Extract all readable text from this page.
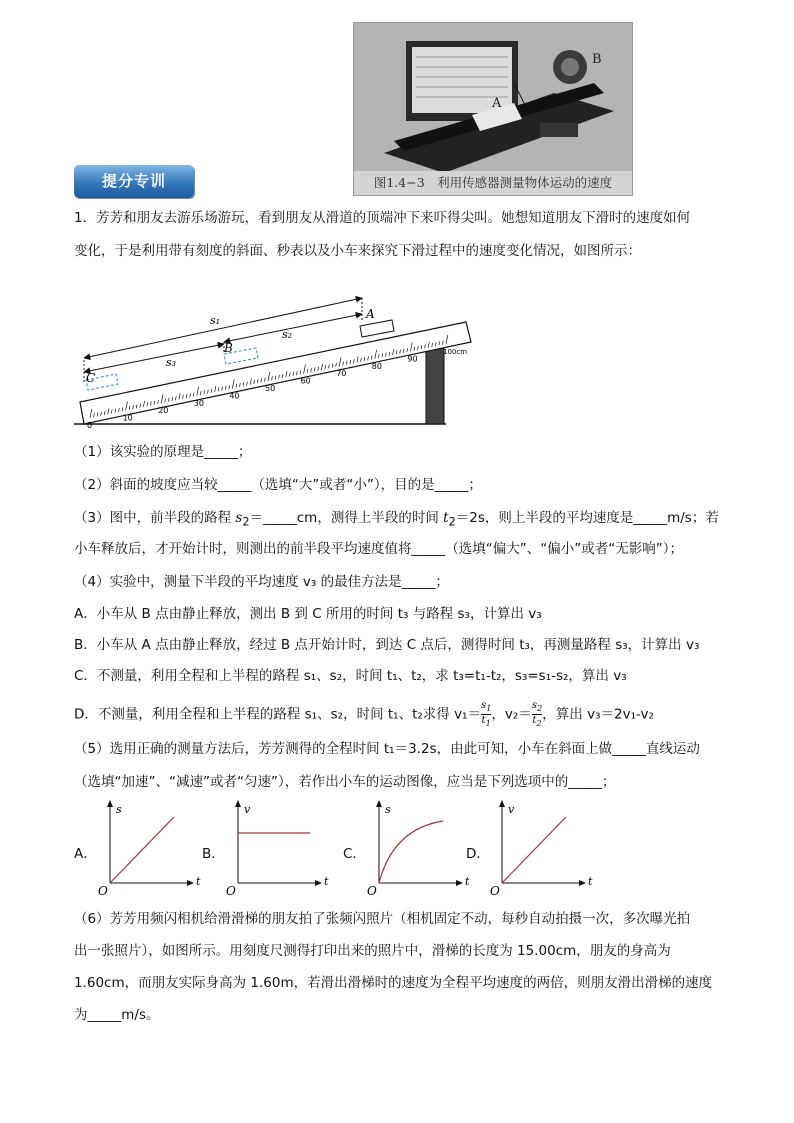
A
B
图1.4−3　利用传感器测量物体运动的速度
提分专训
1．芳芳和朋友去游乐场游玩，看到朋友从滑道的顶端冲下来吓得尖叫。她想知道朋友下滑时的速度如何
变化，于是利用带有刻度的斜面、秒表以及小车来探究下滑过程中的速度变化情况，如图所示：
0
10
20
30
40
50
60
70
80
90
100cm
s₁
s₂
s₃
A
B
C
（1）该实验的原理是_____；
（2）斜面的坡度应当较_____（选填“大”或者“小”），目的是_____；
（3）图中，前半段的路程 $s_2=\_\_\_\_\_cm$，测得上半段的时间 $t_2=2s$，则上半段的平均速度是_____m/s；若
小车释放后，才开始计时，则测出的前半段平均速度值将_____（选填“偏大”、“偏小”或者“无影响”）；
（4）实验中，测量下半段的平均速度 v₃ 的最佳方法是_____；
A．小车从 B 点由静止释放，测出 B 到 C 所用的时间 t₃ 与路程 s₃，计算出 v₃
B．小车从 A 点由静止释放，经过 B 点开始计时，到达 C 点后，测得时间 t₃，再测量路程 s₃，计算出 v₃
C．不测量，利用全程和上半程的路程 s₁、s₂，时间 t₁、t₂，求 t₃=t₁-t₂，s₃=s₁-s₂，算出 v₃
D．不测量，利用全程和上半程的路程 s₁、s₂，时间 t₁、t₂求得 $v_1= \frac{s_1}{t_1}$ ，$v_2= \frac{s_2}{t_2}$ ，算出 v₃＝2v₁-v₂
（5）选用正确的测量方法后，芳芳测得的全程时间 t₁＝3.2s，由此可知，小车在斜面上做_____直线运动
（选填“加速”、“减速”或者“匀速”），若作出小车的运动图像，应当是下列选项中的_____；
A．
s
t
O
B．
v
t
O
C．
s
t
O
D．
v
t
O
（6）芳芳用频闪相机给滑滑梯的朋友拍了张频闪照片（相机固定不动，每秒自动拍摄一次，多次曝光拍
出一张照片），如图所示。用刻度尺测得打印出来的照片中，滑梯的长度为 15.00cm，朋友的身高为
1.60cm，而朋友实际身高为 1.60m，若滑出滑梯时的速度为全程平均速度的两倍，则朋友滑出滑梯的速度
为_____m/s。
